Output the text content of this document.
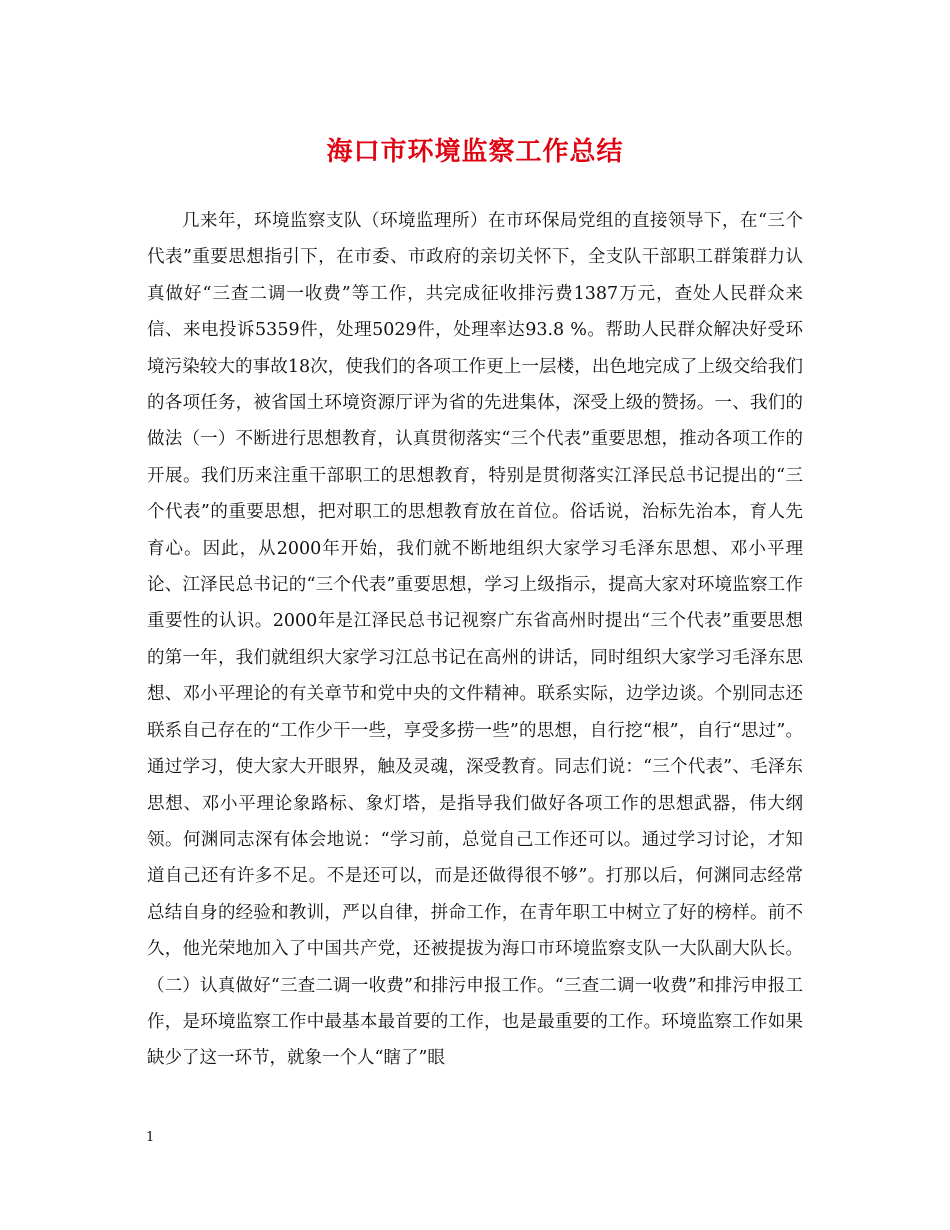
海口市环境监察工作总结

几来年，环境监察支队（环境监理所）在市环保局党组的直接领导下，在“三个代表”重要思想指引下，在市委、市政府的亲切关怀下，全支队干部职工群策群力认真做好“三查二调一收费”等工作，共完成征收排污费1387万元，查处人民群众来信、来电投诉5359件，处理5029件，处理率达93.8 %。帮助人民群众解决好受环境污染较大的事故18次，使我们的各项工作更上一层楼，出色地完成了上级交给我们的各项任务，被省国土环境资源厅评为省的先进集体，深受上级的赞扬。一、我们的做法（一）不断进行思想教育，认真贯彻落实“三个代表”重要思想，推动各项工作的开展。我们历来注重干部职工的思想教育，特别是贯彻落实江泽民总书记提出的“三个代表”的重要思想，把对职工的思想教育放在首位。俗话说，治标先治本，育人先育心。因此，从2000年开始，我们就不断地组织大家学习毛泽东思想、邓小平理论、江泽民总书记的“三个代表”重要思想，学习上级指示，提高大家对环境监察工作重要性的认识。2000年是江泽民总书记视察广东省高州时提出“三个代表”重要思想的第一年，我们就组织大家学习江总书记在高州的讲话，同时组织大家学习毛泽东思想、邓小平理论的有关章节和党中央的文件精神。联系实际，边学边谈。个别同志还联系自己存在的“工作少干一些，享受多捞一些”的思想，自行挖“根”，自行“思过”。通过学习，使大家大开眼界，触及灵魂，深受教育。同志们说：“三个代表”、毛泽东思想、邓小平理论象路标、象灯塔，是指导我们做好各项工作的思想武器，伟大纲领。何渊同志深有体会地说：“学习前，总觉自己工作还可以。通过学习讨论，才知道自己还有许多不足。不是还可以，而是还做得很不够”。打那以后，何渊同志经常总结自身的经验和教训，严以自律，拼命工作，在青年职工中树立了好的榜样。前不久，他光荣地加入了中国共产党，还被提拔为海口市环境监察支队一大队副大队长。（二）认真做好“三查二调一收费”和排污申报工作。“三查二调一收费”和排污申报工作，是环境监察工作中最基本最首要的工作，也是最重要的工作。环境监察工作如果缺少了这一环节，就象一个人“瞎了”眼

1
